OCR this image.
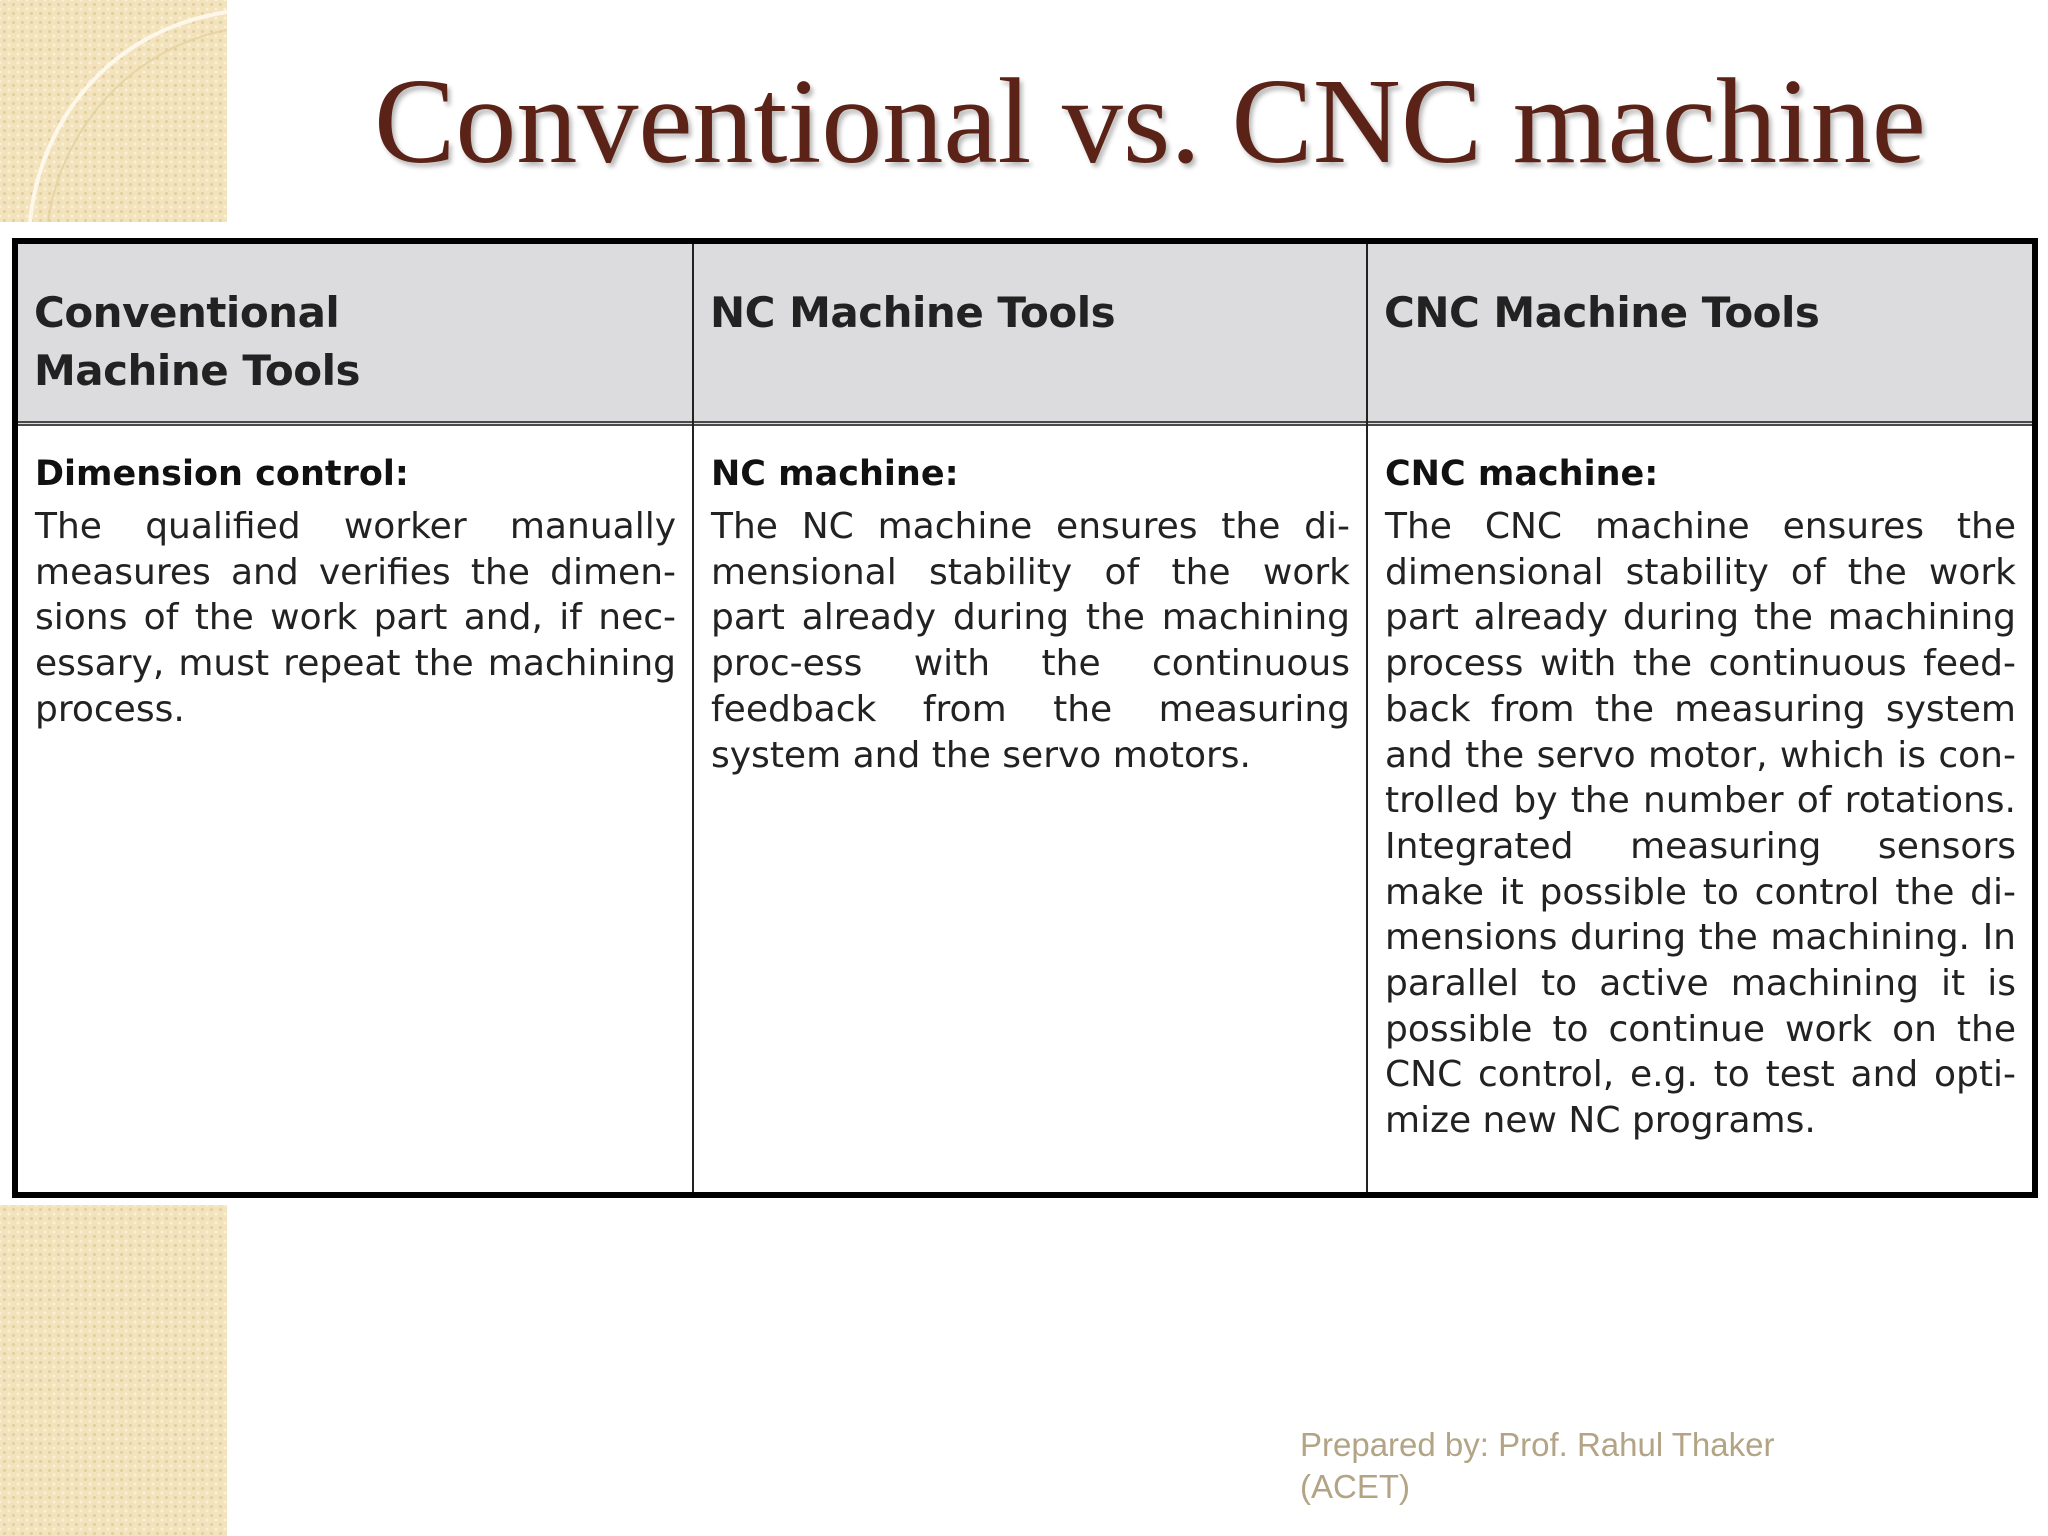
Conventional vs. CNC machine
Conventional
Machine Tools
NC Machine Tools	CNC Machine Tools
Dimension control:
The qualified worker manually measures and verifies the dimen-sions of the work part and, if nec-essary, must repeat the machining process.
NC machine:
The NC machine ensures the di-mensional stability of the work part already during the machining proc-ess with the continuous feedback from the measuring system and the servo motors.
CNC machine:
The CNC machine ensures the dimensional stability of the work part already during the machining process with the continuous feed-back from the measuring system and the servo motor, which is con-trolled by the number of rotations. Integrated measuring sensors make it possible to control the di-mensions during the machining. In parallel to active machining it is possible to continue work on the CNC control, e.g. to test and opti-mize new NC programs.
Prepared by: Prof. Rahul Thaker
(ACET)
